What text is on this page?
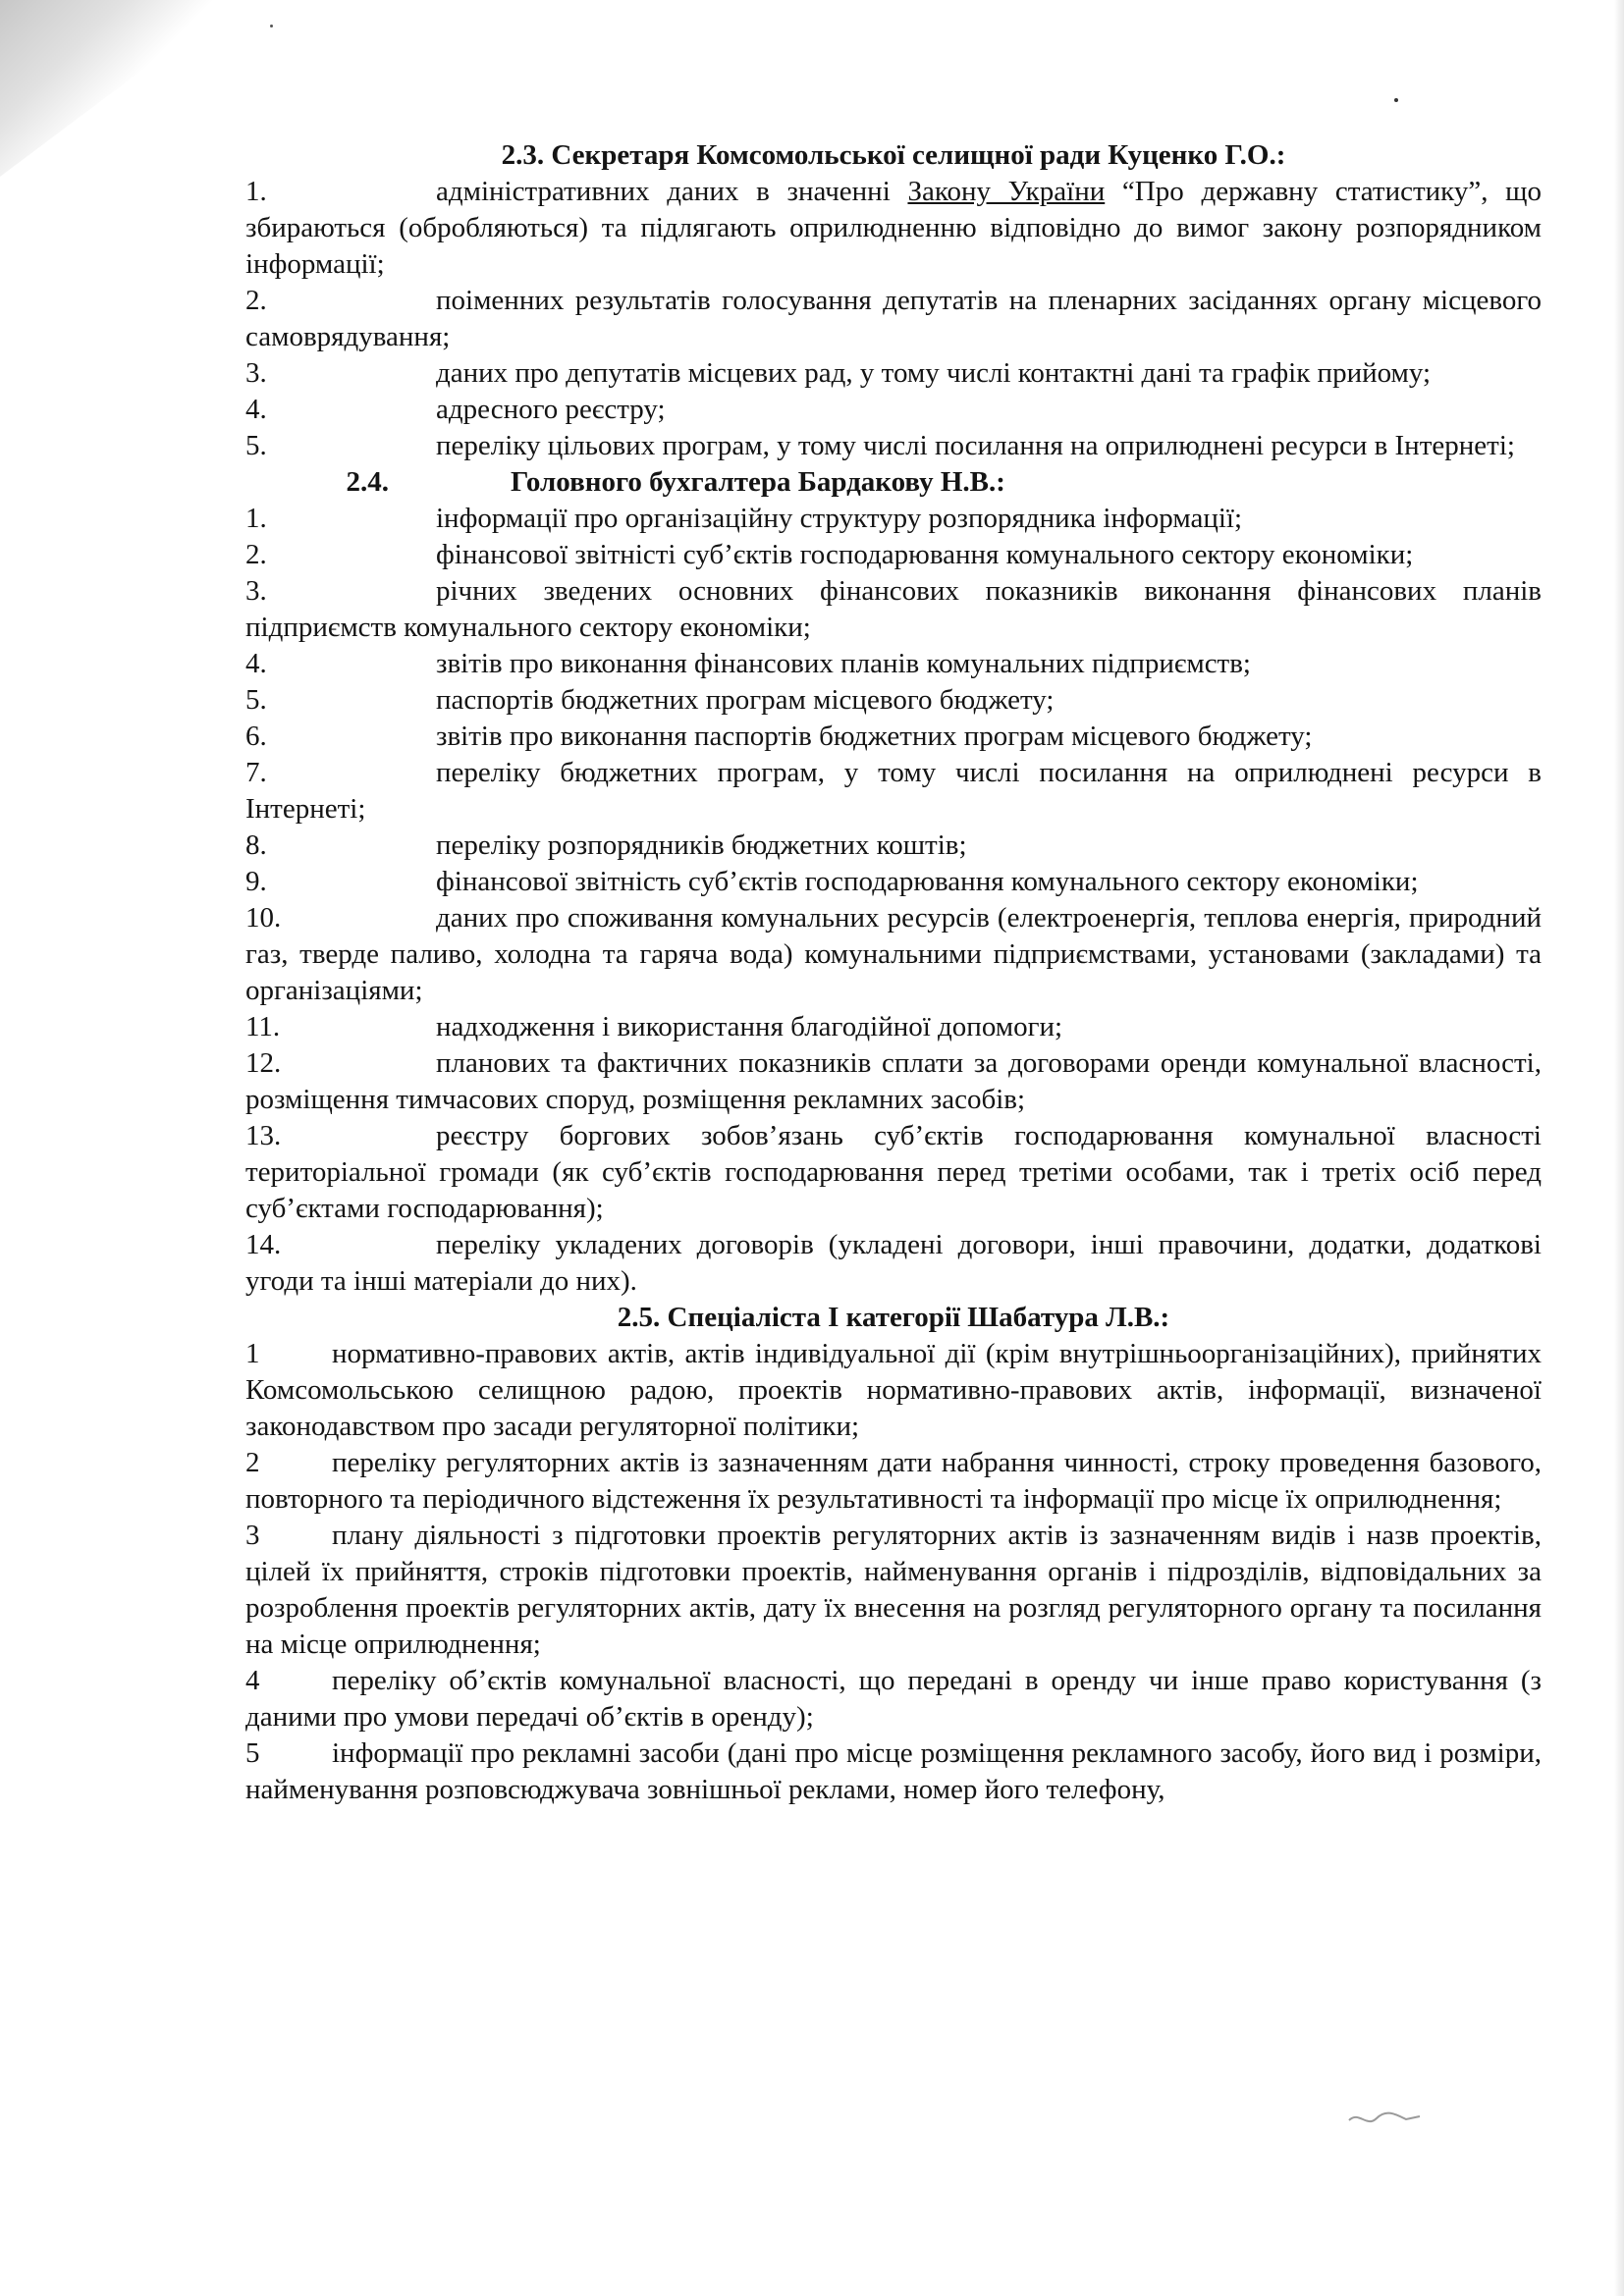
2.3. Секретаря Комсомольської селищної ради Куценко Г.О.:

1.	адміністративних даних в значенні Закону України “Про державну статистику”, що збираються (обробляються) та підлягають оприлюдненню відповідно до вимог закону розпорядником інформації;

2.	поіменних результатів голосування депутатів на пленарних засіданнях органу місцевого самоврядування;

3.	даних про депутатів місцевих рад, у тому числі контактні дані та графік прийому;

4.	адресного реєстру;

5.	переліку цільових програм, у тому числі посилання на оприлюднені ресурси в Інтернеті;

2.4.	Головного бухгалтера Бардакову Н.В.:

1.	інформації про організаційну структуру розпорядника інформації;

2.	фінансової звітністі суб’єктів господарювання комунального сектору економіки;

3.	річних зведених основних фінансових показників виконання фінансових планів підприємств комунального сектору економіки;

4.	звітів про виконання фінансових планів комунальних підприємств;

5.	паспортів бюджетних програм місцевого бюджету;

6.	звітів про виконання паспортів бюджетних програм місцевого бюджету;

7.	переліку бюджетних програм, у тому числі посилання на оприлюднені ресурси в Інтернеті;

8.	переліку розпорядників бюджетних коштів;

9.	фінансової звітність суб’єктів господарювання комунального сектору економіки;

10.	даних про споживання комунальних ресурсів (електроенергія, теплова енергія, природний газ, тверде паливо, холодна та гаряча вода) комунальними підприємствами, установами (закладами) та організаціями;

11.	надходження і використання благодійної допомоги;

12.	планових та фактичних показників сплати за договорами оренди комунальної власності, розміщення тимчасових споруд, розміщення рекламних засобів;

13.	реєстру боргових зобов’язань суб’єктів господарювання комунальної власності територіальної громади (як суб’єктів господарювання перед третіми особами, так і третіх осіб перед суб’єктами господарювання);

14.	переліку укладених договорів (укладені договори, інші правочини, додатки, додаткові угоди та інші матеріали до них).

2.5. Спеціаліста І категорії Шабатура Л.В.:

1	нормативно-правових актів, актів індивідуальної дії (крім внутрішньоорганізаційних), прийнятих Комсомольською селищною радою, проектів нормативно-правових актів, інформації, визначеної законодавством про засади регуляторної політики;

2	переліку регуляторних актів із зазначенням дати набрання чинності, строку проведення базового, повторного та періодичного відстеження їх результативності та інформації про місце їх оприлюднення;

3	плану діяльності з підготовки проектів регуляторних актів із зазначенням видів і назв проектів, цілей їх прийняття, строків підготовки проектів, найменування органів і підрозділів, відповідальних за розроблення проектів регуляторних актів, дату їх внесення на розгляд регуляторного органу та посилання на місце оприлюднення;

4	переліку об’єктів комунальної власності, що передані в оренду чи інше право користування (з даними про умови передачі об’єктів в оренду);

5	інформації про рекламні засоби (дані про місце розміщення рекламного засобу, його вид і розміри, найменування розповсюджувача зовнішньої реклами, номер його телефону,
